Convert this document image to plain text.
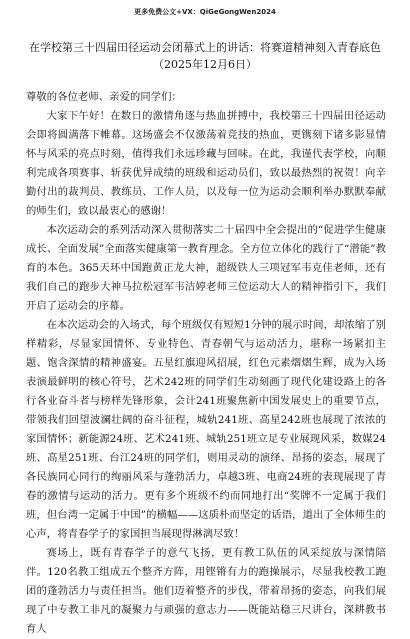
更多免费公文+VX：QiGeGongWen2024
在学校第三十四届田径运动会闭幕式上的讲话：将赛道精神刻入青春底色
（2025年12月6日）

尊敬的各位老师、亲爱的同学们：

大家下午好！在数日的激情角逐与热血拼搏中，我校第三十四届田径运动会即将圆满落下帷幕。这场盛会不仅激荡着竞技的热血，更镌刻下诸多影显情怀与风采的亮点时刻，值得我们永远珍藏与回味。在此，我谨代表学校，向顺利完成各项赛事、斩获优异成绩的班级和运动员们，致以最热烈的祝贺！向辛勤付出的裁判员、教练员、工作人员，以及每一位为运动会顺利举办默默奉献的师生们，致以最衷心的感谢！

本次运动会的系列活动深入贯彻落实二十届四中全会提出的“促进学生健康成长、全面发展”全面落实健康第一教育理念。全方位立体化的践行了“潜能”教育的本色。365天环中国跑黄正龙大神，超级铁人三项冠军韦克佳老师，还有我们自己的跑步大神马拉松冠军韦洁婷老师三位运动大人的精神指引下，我们开启了运动会的序幕。

在本次运动会的入场式，每个班级仅有短短1分钟的展示时间，却浓缩了别样精彩，尽显家国情怀、专业特色、青春朝气与运动活力，堪称一场紧扣主题、饱含深情的精神盛宴。五星红旗迎风招展，红色元素熠熠生辉，成为入场表演最鲜明的核心符号，艺术242班的同学们生动刻画了现代化建设路上的各行各业奋斗者与榜样先锋形象，会计241班聚焦新中国发展史上的重要节点，带领我们回望波澜壮阔的奋斗征程，城轨241班、高星242班也展现了浓浓的家国情怀；新能源24班、艺术241班、城轨251班立足专业展现风采，数媒24班、高星251班、台江24班的同学们，则用灵动的演绎、昂扬的姿态，展现了各民族同心同行的绚丽风采与蓬勃活力，卓越3班、电商24班的表现展现了青春的激情与运动的活力。更有多个班级不约而同地打出“奖牌不一定属于我们班，但台湾一定属于中国”的横幅——这质朴而坚定的话语，道出了全体师生的心声，将青春学子的家国担当展现得淋漓尽致！

赛场上，既有青春学子的意气飞扬，更有教工队伍的风采绽放与深情陪伴。120名教工组成五个整齐方阵，用铿锵有力的跑操展示，尽显我校教工跑团的蓬勃活力与责任担当。他们迈着整齐的步伐，带着昂扬的姿态，向我们展现了中专教工非凡的凝聚力与顽强的意志力——既能站稳三尺讲台，深耕教书育人
